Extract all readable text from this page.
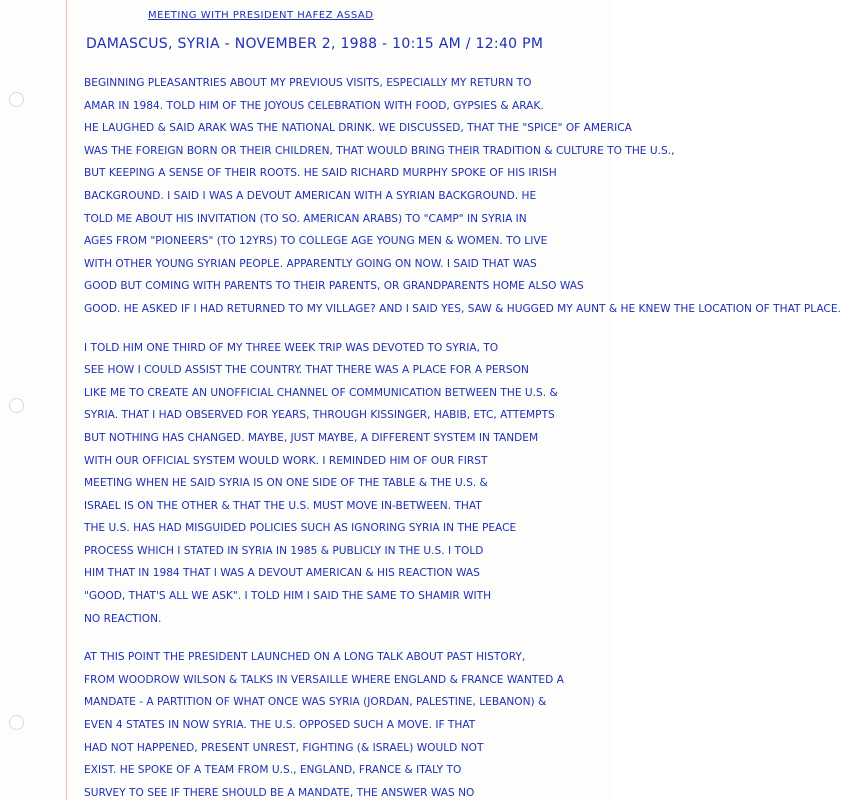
MEETING WITH PRESIDENT HAFEZ ASSAD
DAMASCUS, SYRIA - NOVEMBER 2, 1988 - 10:15 AM / 12:40 PM
BEGINNING PLEASANTRIES ABOUT MY PREVIOUS VISITS, ESPECIALLY MY RETURN TO
AMAR IN 1984. TOLD HIM OF THE JOYOUS CELEBRATION WITH FOOD, GYPSIES & ARAK.
HE LAUGHED & SAID ARAK WAS THE NATIONAL DRINK. WE DISCUSSED, THAT THE "SPICE" OF AMERICA
WAS THE FOREIGN BORN OR THEIR CHILDREN, THAT WOULD BRING THEIR TRADITION & CULTURE TO THE U.S.,
BUT KEEPING A SENSE OF THEIR ROOTS. HE SAID RICHARD MURPHY SPOKE OF HIS IRISH
BACKGROUND. I SAID I WAS A DEVOUT AMERICAN WITH A SYRIAN BACKGROUND. HE
TOLD ME ABOUT HIS INVITATION (TO SO. AMERICAN ARABS) TO "CAMP" IN SYRIA IN
AGES FROM "PIONEERS" (TO 12YRS) TO COLLEGE AGE YOUNG MEN & WOMEN. TO LIVE
WITH OTHER YOUNG SYRIAN PEOPLE. APPARENTLY GOING ON NOW. I SAID THAT WAS
GOOD BUT COMING WITH PARENTS TO THEIR PARENTS, OR GRANDPARENTS HOME ALSO WAS
GOOD. HE ASKED IF I HAD RETURNED TO MY VILLAGE? AND I SAID YES, SAW & HUGGED MY AUNT & HE KNEW THE LOCATION OF THAT PLACE.
I TOLD HIM ONE THIRD OF MY THREE WEEK TRIP WAS DEVOTED TO SYRIA, TO
SEE HOW I COULD ASSIST THE COUNTRY. THAT THERE WAS A PLACE FOR A PERSON
LIKE ME TO CREATE AN UNOFFICIAL CHANNEL OF COMMUNICATION BETWEEN THE U.S. &
SYRIA. THAT I HAD OBSERVED FOR YEARS, THROUGH KISSINGER, HABIB, ETC, ATTEMPTS
BUT NOTHING HAS CHANGED. MAYBE, JUST MAYBE, A DIFFERENT SYSTEM IN TANDEM
WITH OUR OFFICIAL SYSTEM WOULD WORK. I REMINDED HIM OF OUR FIRST
MEETING WHEN HE SAID SYRIA IS ON ONE SIDE OF THE TABLE & THE U.S. &
ISRAEL IS ON THE OTHER & THAT THE U.S. MUST MOVE IN-BETWEEN. THAT
THE U.S. HAS HAD MISGUIDED POLICIES SUCH AS IGNORING SYRIA IN THE PEACE
PROCESS WHICH I STATED IN SYRIA IN 1985 & PUBLICLY IN THE U.S. I TOLD
HIM THAT IN 1984 THAT I WAS A DEVOUT AMERICAN & HIS REACTION WAS
"GOOD, THAT'S ALL WE ASK". I TOLD HIM I SAID THE SAME TO SHAMIR WITH
NO REACTION.
AT THIS POINT THE PRESIDENT LAUNCHED ON A LONG TALK ABOUT PAST HISTORY,
FROM WOODROW WILSON & TALKS IN VERSAILLE WHERE ENGLAND & FRANCE WANTED A
MANDATE - A PARTITION OF WHAT ONCE WAS SYRIA (JORDAN, PALESTINE, LEBANON) &
EVEN 4 STATES IN NOW SYRIA. THE U.S. OPPOSED SUCH A MOVE. IF THAT
HAD NOT HAPPENED, PRESENT UNREST, FIGHTING (& ISRAEL) WOULD NOT
EXIST. HE SPOKE OF A TEAM FROM U.S., ENGLAND, FRANCE & ITALY TO
SURVEY TO SEE IF THERE SHOULD BE A MANDATE, THE ANSWER WAS NO
